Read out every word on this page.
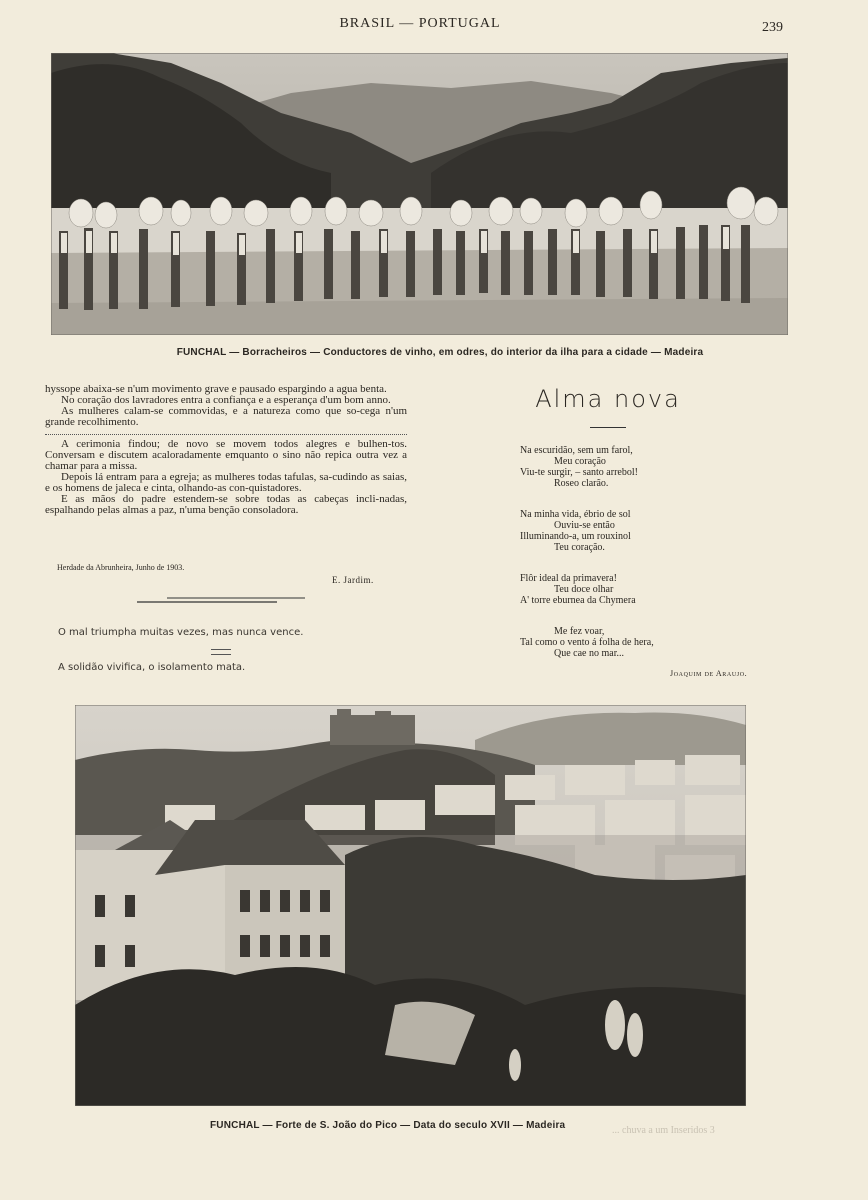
BRASIL — PORTUGAL	239
FUNCHAL — Borracheiros — Conductores de vinho, em odres, do interior da ilha para a cidade — Madeira

hyssope abaixa-se n'um movimento grave e pausado espargindo a agua benta.

No coração dos lavradores entra a confiança e a esperança d'um bom anno.

As mulheres calam-se commovidas, e a natureza como que so-cega n'um grande recolhimento.

A cerimonia findou; de novo se movem todos alegres e bulhen-tos. Conversam e discutem acaloradamente emquanto o sino não repica outra vez a chamar para a missa.

Depois lá entram para a egreja; as mulheres todas tafulas, sa-cudindo as saias, e os homens de jaleca e cinta, olhando-as con-quistadores.

E as mãos do padre estendem-se sobre todas as cabeças incli-nadas, espalhando pelas almas a paz, n'uma benção consoladora.

Herdade da Abrunheira, Junho de 1903.
E. Jardim.
O mal triumpha muitas vezes, mas nunca vence.
A solidão vivifica, o isolamento mata.
Alma nova
Na escuridão, sem um farol,
Meu coração
Viu-te surgir, – santo arrebol!
Roseo clarão.
Na minha vida, ébrio de sol
Ouviu-se então
Illuminando-a, um rouxinol
Teu coração.
Flôr ideal da primavera!
Teu doce olhar
A' torre eburnea da Chymera
Me fez voar,
Tal como o vento á folha de hera,
Que cae no mar...
Joaquim de Araujo.
FUNCHAL — Forte de S. João do Pico — Data do seculo XVII — Madeira	... chuva a um Inseridos 3
